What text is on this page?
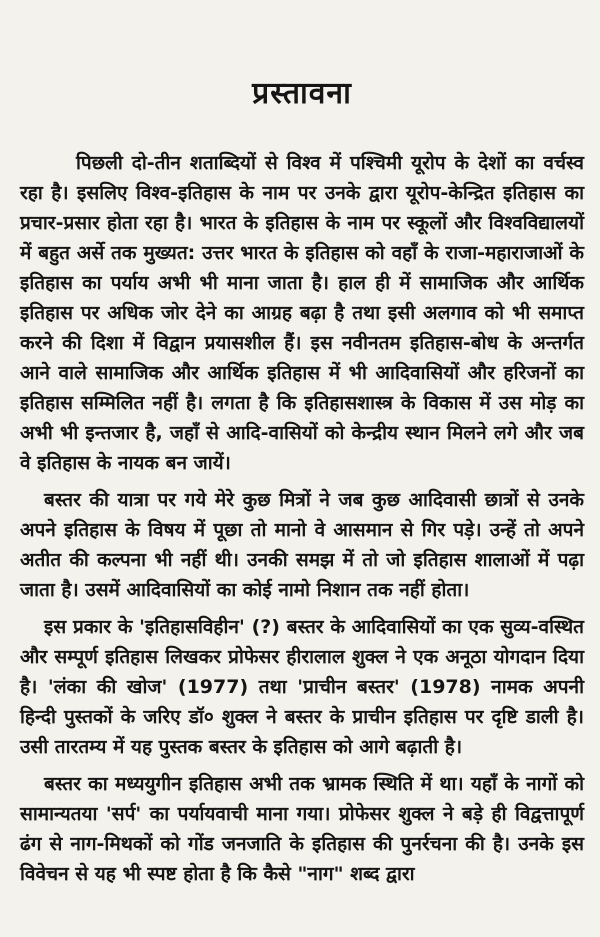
प्रस्तावना

पिछली दो-तीन शताब्दियों से विश्व में पश्चिमी यूरोप के देशों का वर्चस्व रहा है। इसलिए विश्व-इतिहास के नाम पर उनके द्वारा यूरोप-केन्द्रित इतिहास का प्रचार-प्रसार होता रहा है। भारत के इतिहास के नाम पर स्कूलों और विश्वविद्यालयों में बहुत अर्से तक मुख्यत: उत्तर भारत के इतिहास को वहाँ के राजा-महाराजाओं के इतिहास का पर्याय अभी भी माना जाता है। हाल ही में सामाजिक और आर्थिक इतिहास पर अधिक जोर देने का आग्रह बढ़ा है तथा इसी अलगाव को भी समाप्त करने की दिशा में विद्वान प्रयासशील हैं। इस नवीनतम इतिहास-बोध के अन्तर्गत आने वाले सामाजिक और आर्थिक इतिहास में भी आदिवासियों और हरिजनों का इतिहास सम्मिलित नहीं है। लगता है कि इतिहासशास्त्र के विकास में उस मोड़ का अभी भी इन्तजार है, जहाँ से आदि-वासियों को केन्द्रीय स्थान मिलने लगे और जब वे इतिहास के नायक बन जायें।

बस्तर की यात्रा पर गये मेरे कुछ मित्रों ने जब कुछ आदिवासी छात्रों से उनके अपने इतिहास के विषय में पूछा तो मानो वे आसमान से गिर पड़े। उन्हें तो अपने अतीत की कल्पना भी नहीं थी। उनकी समझ में तो जो इतिहास शालाओं में पढ़ा जाता है। उसमें आदिवासियों का कोई नामो निशान तक नहीं होता।

इस प्रकार के 'इतिहासविहीन' (?) बस्तर के आदिवासियों का एक सुव्य-वस्थित और सम्पूर्ण इतिहास लिखकर प्रोफेसर हीरालाल शुक्ल ने एक अनूठा योगदान दिया है। 'लंका की खोज' (1977) तथा 'प्राचीन बस्तर' (1978) नामक अपनी हिन्दी पुस्तकों के जरिए डॉ० शुक्ल ने बस्तर के प्राचीन इतिहास पर दृष्टि डाली है। उसी तारतम्य में यह पुस्तक बस्तर के इतिहास को आगे बढ़ाती है।

बस्तर का मध्ययुगीन इतिहास अभी तक भ्रामक स्थिति में था। यहाँ के नागों को सामान्यतया 'सर्प' का पर्यायवाची माना गया। प्रोफेसर शुक्ल ने बड़े ही विद्वत्तापूर्ण ढंग से नाग-मिथकों को गोंड जनजाति के इतिहास की पुनर्रचना की है। उनके इस विवेचन से यह भी स्पष्ट होता है कि कैसे "नाग" शब्द द्वारा
